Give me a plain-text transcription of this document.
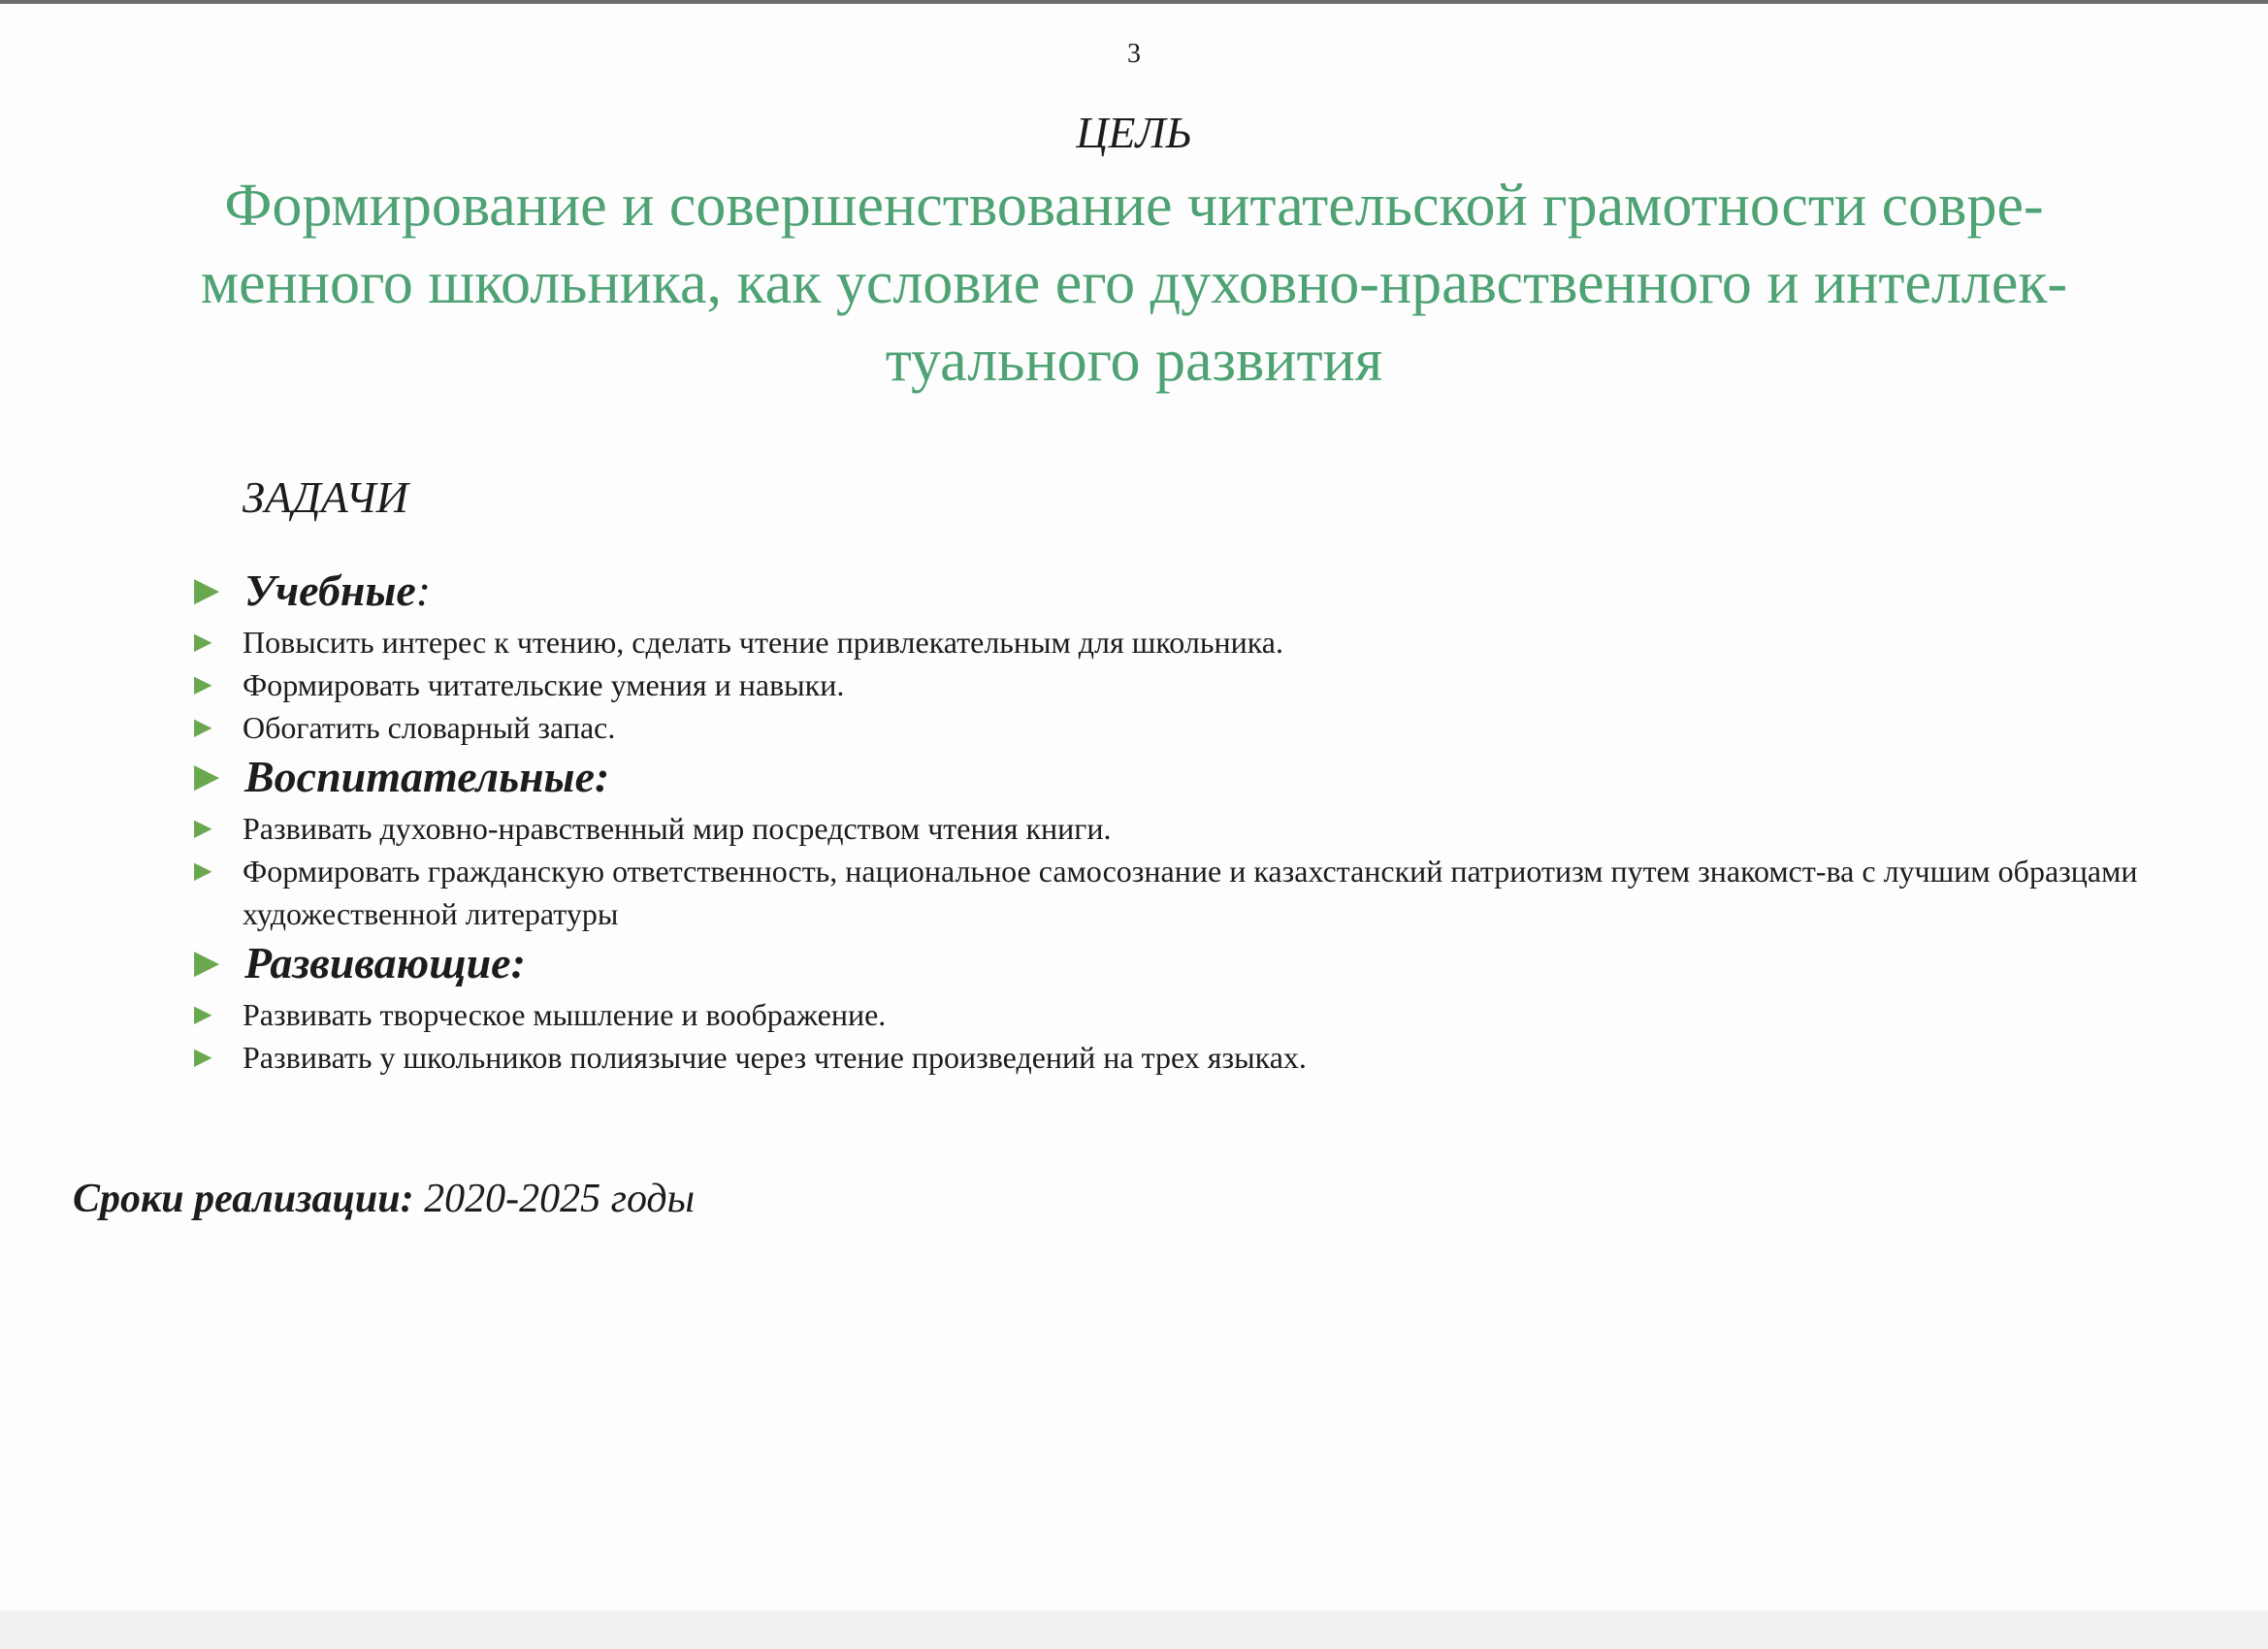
3
ЦЕЛЬ
Формирование и совершенствование читательской грамотности совре-
менного школьника, как условие его духовно-нравственного и интеллек-
туального развития
ЗАДАЧИ
▶ Учебные :
▶ Повысить интерес к чтению, сделать чтение привлекательным для школьника.
▶ Формировать читательские умения и навыки.
▶ Обогатить словарный запас.
▶ Воспитательные:
▶ Развивать духовно-нравственный мир посредством чтения книги.
▶ Формировать гражданскую ответственность, национальное самосознание и казахстанский патриотизм путем знакомст-ва с лучшим образцами художественной литературы
▶ Развивающие:
▶ Развивать творческое мышление и воображение.
▶ Развивать у школьников полиязычие через чтение произведений на трех языках.
Сроки реализации: 2020-2025 годы
